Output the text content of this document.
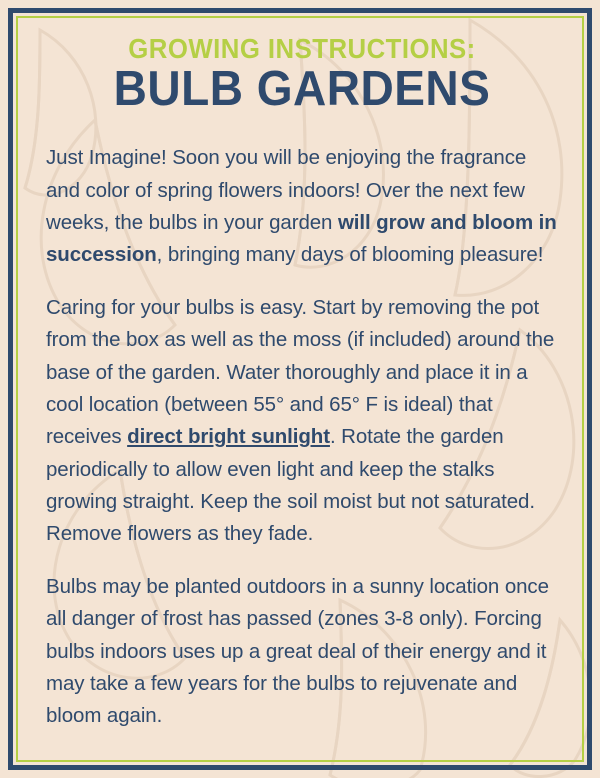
GROWING INSTRUCTIONS:
BULB GARDENS

Just Imagine! Soon you will be enjoying the fragrance and color of spring flowers indoors! Over the next few weeks, the bulbs in your garden will grow and bloom in succession, bringing many days of blooming pleasure!

Caring for your bulbs is easy. Start by removing the pot from the box as well as the moss (if included) around the base of the garden. Water thoroughly and place it in a cool location (between 55° and 65° F is ideal) that receives direct bright sunlight. Rotate the garden periodically to allow even light and keep the stalks growing straight. Keep the soil moist but not saturated. Remove flowers as they fade.

Bulbs may be planted outdoors in a sunny location once all danger of frost has passed (zones 3-8 only). Forcing bulbs indoors uses up a great deal of their energy and it may take a few years for the bulbs to rejuvenate and bloom again.
